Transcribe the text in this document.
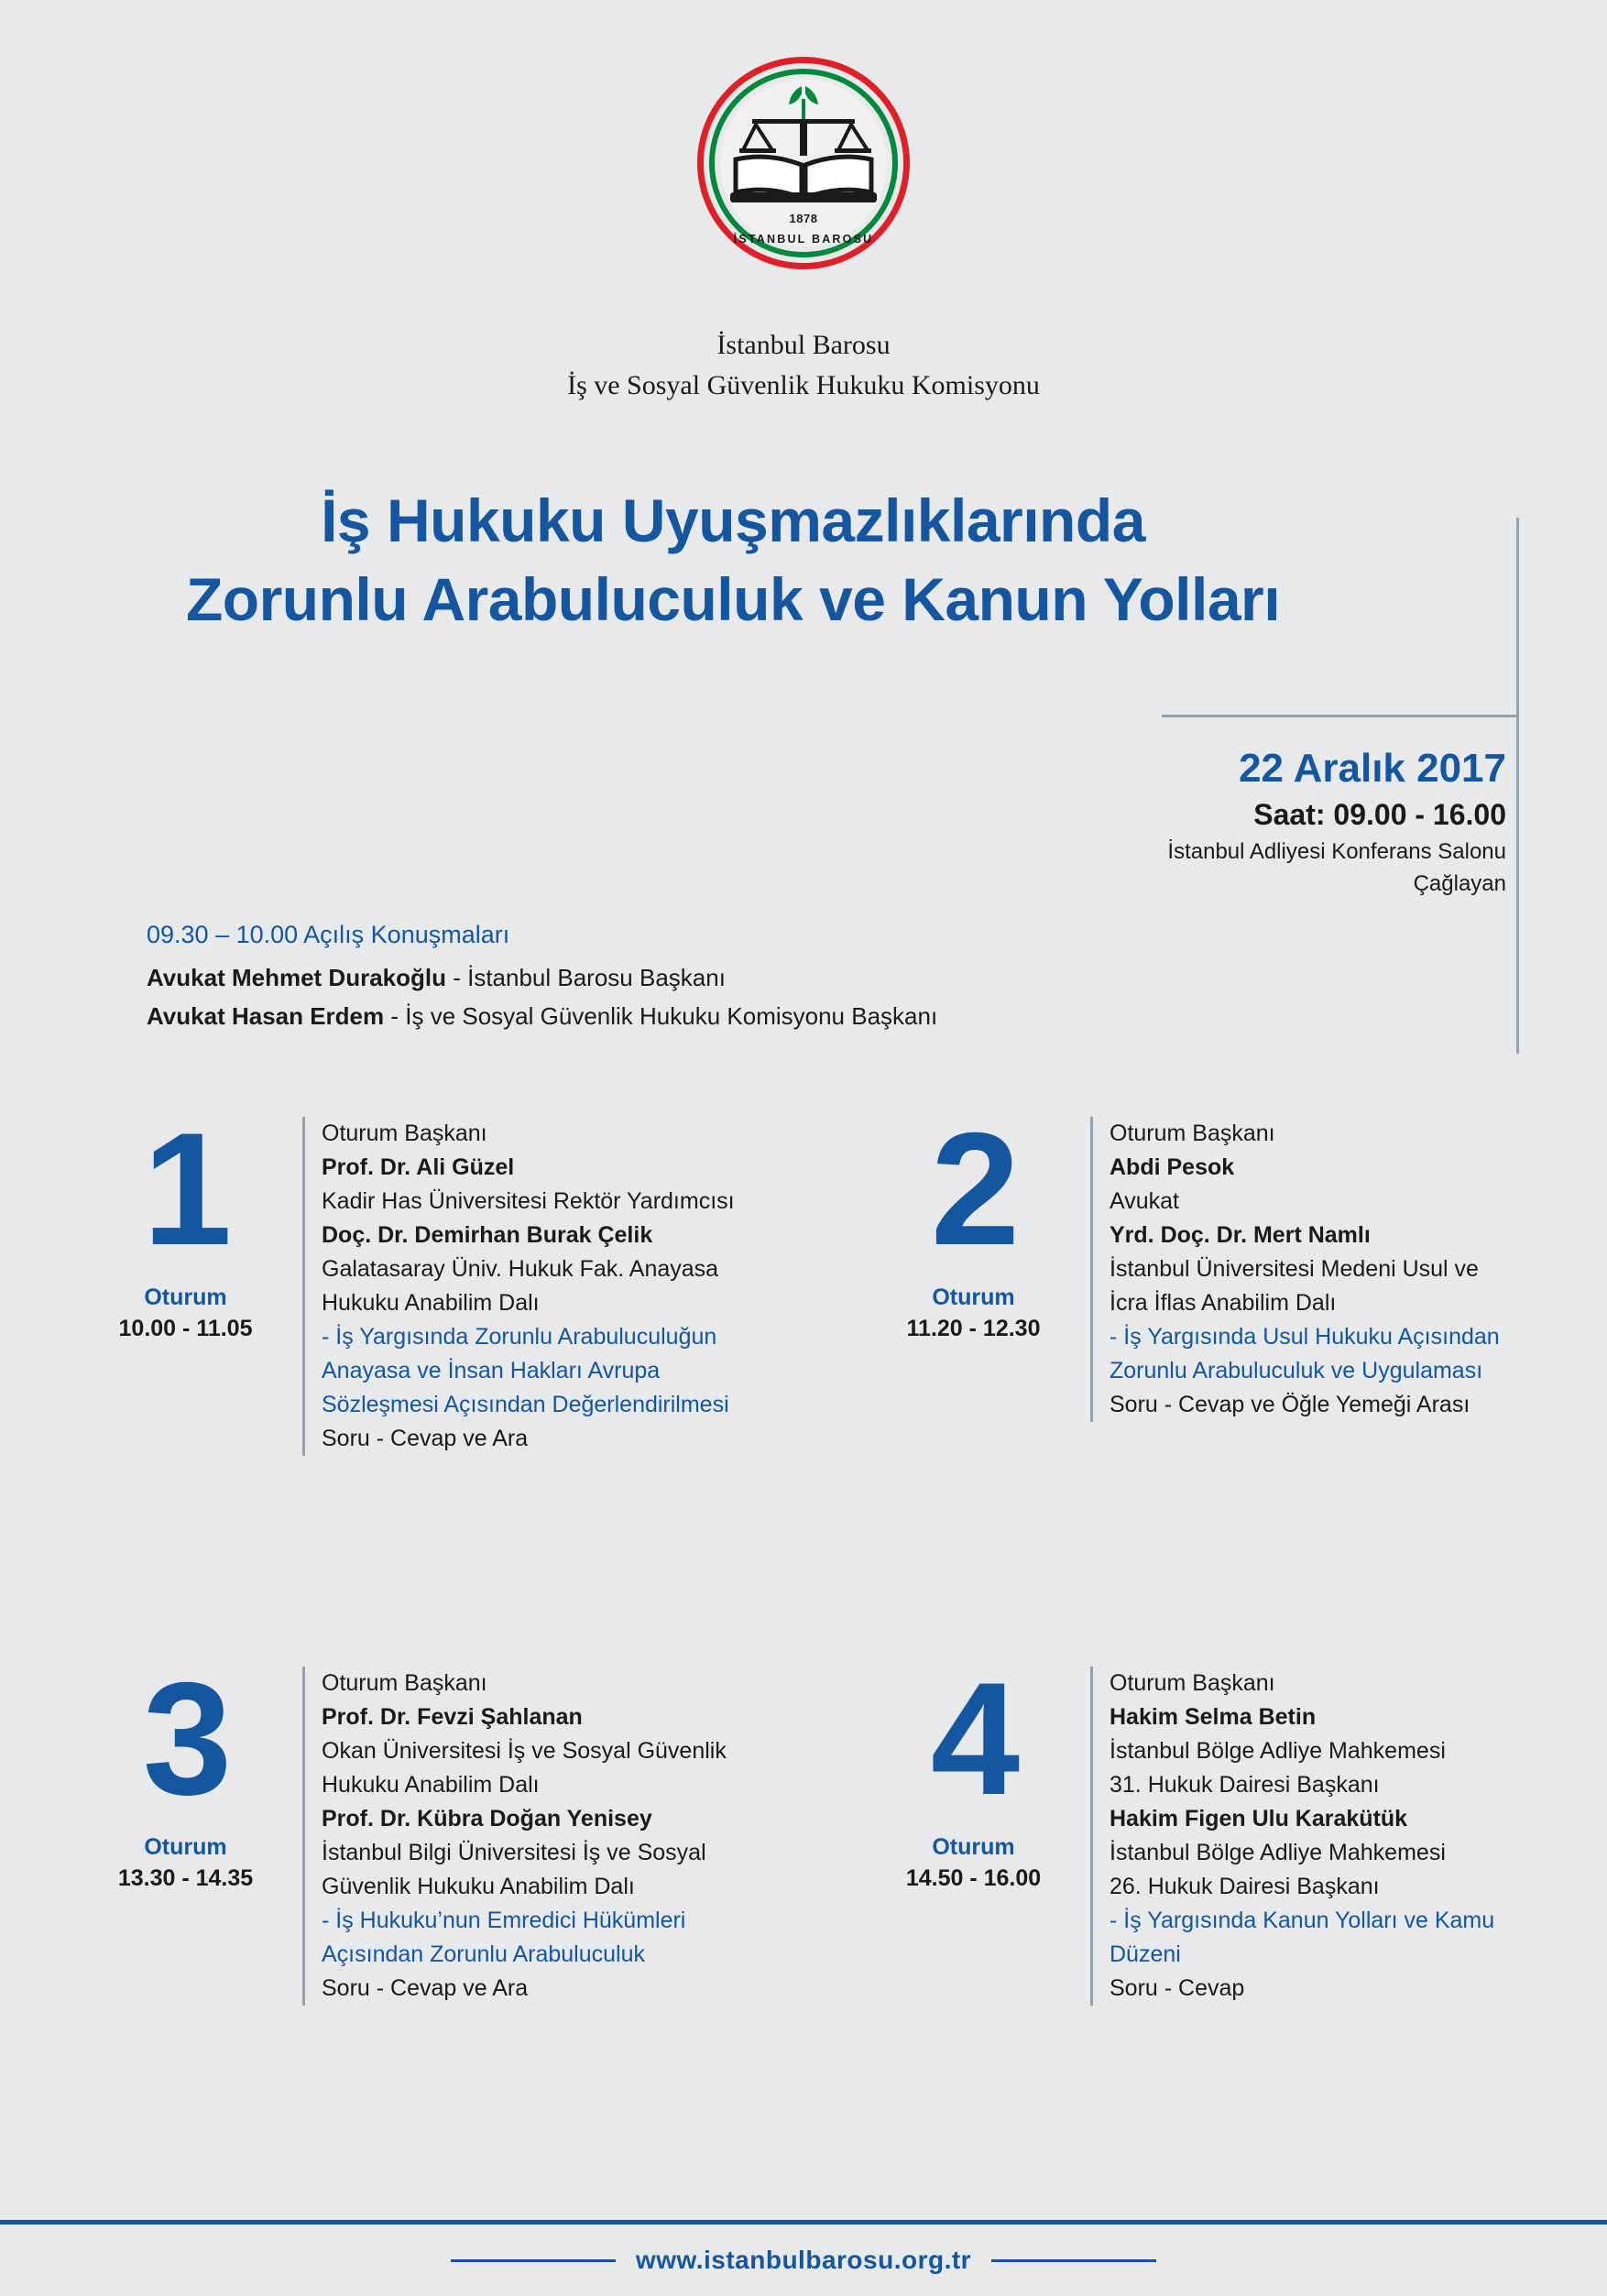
1878
İSTANBUL BAROSU
İstanbul Barosu
İş ve Sosyal Güvenlik Hukuku Komisyonu
İş Hukuku Uyuşmazlıklarında
Zorunlu Arabuluculuk ve Kanun Yolları
22 Aralık 2017
Saat: 09.00 - 16.00
İstanbul Adliyesi Konferans Salonu
Çağlayan
09.30 – 10.00 Açılış Konuşmaları
Avukat Mehmet Durakoğlu - İstanbul Barosu Başkanı
Avukat Hasan Erdem - İş ve Sosyal Güvenlik Hukuku Komisyonu Başkanı
1
Oturum
10.00 - 11.05
Oturum Başkanı
Prof. Dr. Ali Güzel
Kadir Has Üniversitesi Rektör Yardımcısı
Doç. Dr. Demirhan Burak Çelik
Galatasaray Üniv. Hukuk Fak. Anayasa
Hukuku Anabilim Dalı
- İş Yargısında Zorunlu Arabuluculuğun
Anayasa ve İnsan Hakları Avrupa
Sözleşmesi Açısından Değerlendirilmesi
Soru - Cevap ve Ara
2
Oturum
11.20 - 12.30
Oturum Başkanı
Abdi Pesok
Avukat
Yrd. Doç. Dr. Mert Namlı
İstanbul Üniversitesi Medeni Usul ve
İcra İflas Anabilim Dalı
- İş Yargısında Usul Hukuku Açısından
Zorunlu Arabuluculuk ve Uygulaması
Soru - Cevap ve Öğle Yemeği Arası
3
Oturum
13.30 - 14.35
Oturum Başkanı
Prof. Dr. Fevzi Şahlanan
Okan Üniversitesi İş ve Sosyal Güvenlik
Hukuku Anabilim Dalı
Prof. Dr. Kübra Doğan Yenisey
İstanbul Bilgi Üniversitesi İş ve Sosyal
Güvenlik Hukuku Anabilim Dalı
- İş Hukuku’nun Emredici Hükümleri
Açısından Zorunlu Arabuluculuk
Soru - Cevap ve Ara
4
Oturum
14.50 - 16.00
Oturum Başkanı
Hakim Selma Betin
İstanbul Bölge Adliye Mahkemesi
31. Hukuk Dairesi Başkanı
Hakim Figen Ulu Karakütük
İstanbul Bölge Adliye Mahkemesi
26. Hukuk Dairesi Başkanı
- İş Yargısında Kanun Yolları ve Kamu Düzeni
Soru - Cevap
www.istanbulbarosu.org.tr
